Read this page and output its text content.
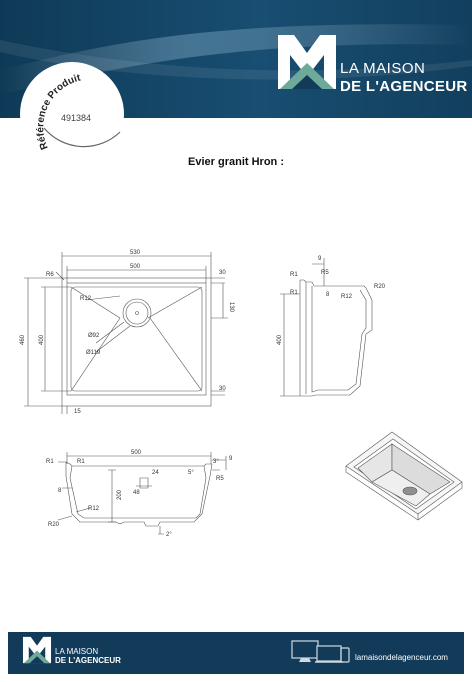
LA MAISON
DE L'AGENCEUR
Référence Produit
491384
Evier granit Hron :
530
500
R6	30
130
R12
460 400	Ø92
Ø119
30
15
R1	R5
R1
9
8 R12
R20
400
R1	R1
500
3° 9
8
24	5°
R5
200 48
R12
R20
2°
LA MAISON
DE L'AGENCEUR	lamaisondelagenceur.com
